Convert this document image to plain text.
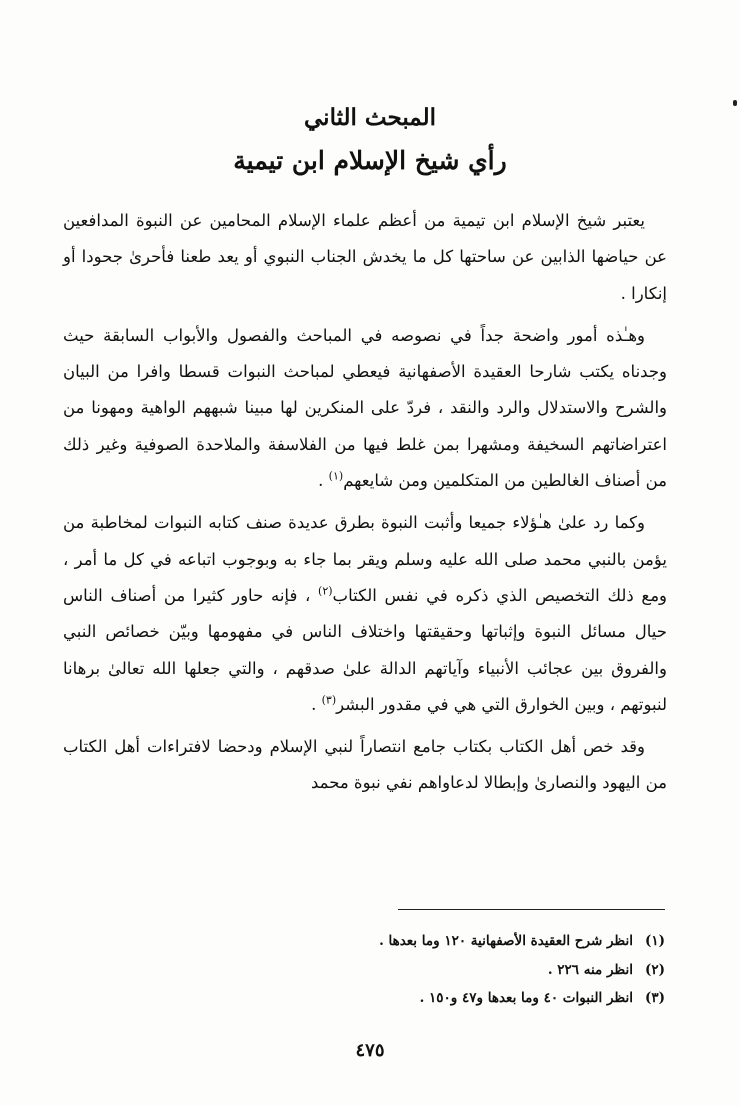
المبحث الثاني
رأي شيخ الإسلام ابن تيمية

يعتبر شيخ الإسلام ابن تيمية من أعظم علماء الإسلام المحامين عن النبوة المدافعين عن حياضها الذابين عن ساحتها كل ما يخدش الجناب النبوي أو يعد طعنا فأحرىٰ جحودا أو إنكارا .

وهـٰذه أمور واضحة جداً في نصوصه في المباحث والفصول والأبواب السابقة حيث وجدناه يكتب شارحا العقيدة الأصفهانية فيعطي لمباحث النبوات قسطا وافرا من البيان والشرح والاستدلال والرد والنقد ، فردّ على المنكرين لها مبينا شبههم الواهية ومهونا من اعتراضاتهم السخيفة ومشهرا بمن غلط فيها من الفلاسفة والملاحدة الصوفية وغير ذلك من أصناف الغالطين من المتكلمين ومن شايعهم$^{(١)}$ .

وكما رد علىٰ هـٰؤلاء جميعا وأثبت النبوة بطرق عديدة صنف كتابه النبوات لمخاطبة من يؤمن بالنبي محمد صلى الله عليه وسلم ويقر بما جاء به وبوجوب اتباعه في كل ما أمر ، ومع ذلك التخصيص الذي ذكره في نفس الكتاب$^{(٢)}$ ، فإنه حاور كثيرا من أصناف الناس حيال مسائل النبوة وإثباتها وحقيقتها واختلاف الناس في مفهومها وبيّن خصائص النبي والفروق بين عجائب الأنبياء وآياتهم الدالة علىٰ صدقهم ، والتي جعلها الله تعالىٰ برهانا لنبوتهم ، وبين الخوارق التي هي في مقدور البشر$^{(٣)}$ .

وقد خص أهل الكتاب بكتاب جامع انتصاراً لنبي الإسلام ودحضا لافتراءات أهل الكتاب من اليهود والنصارىٰ وإبطالا لدعاواهم نفي نبوة محمد

(١)انظر شرح العقيدة الأصفهانية ١٢٠ وما بعدها .
(٢)انظر منه ٢٢٦ .
(٣)انظر النبوات ٤٠ وما بعدها و٤٧ و١٥٠ .
٤٧٥
